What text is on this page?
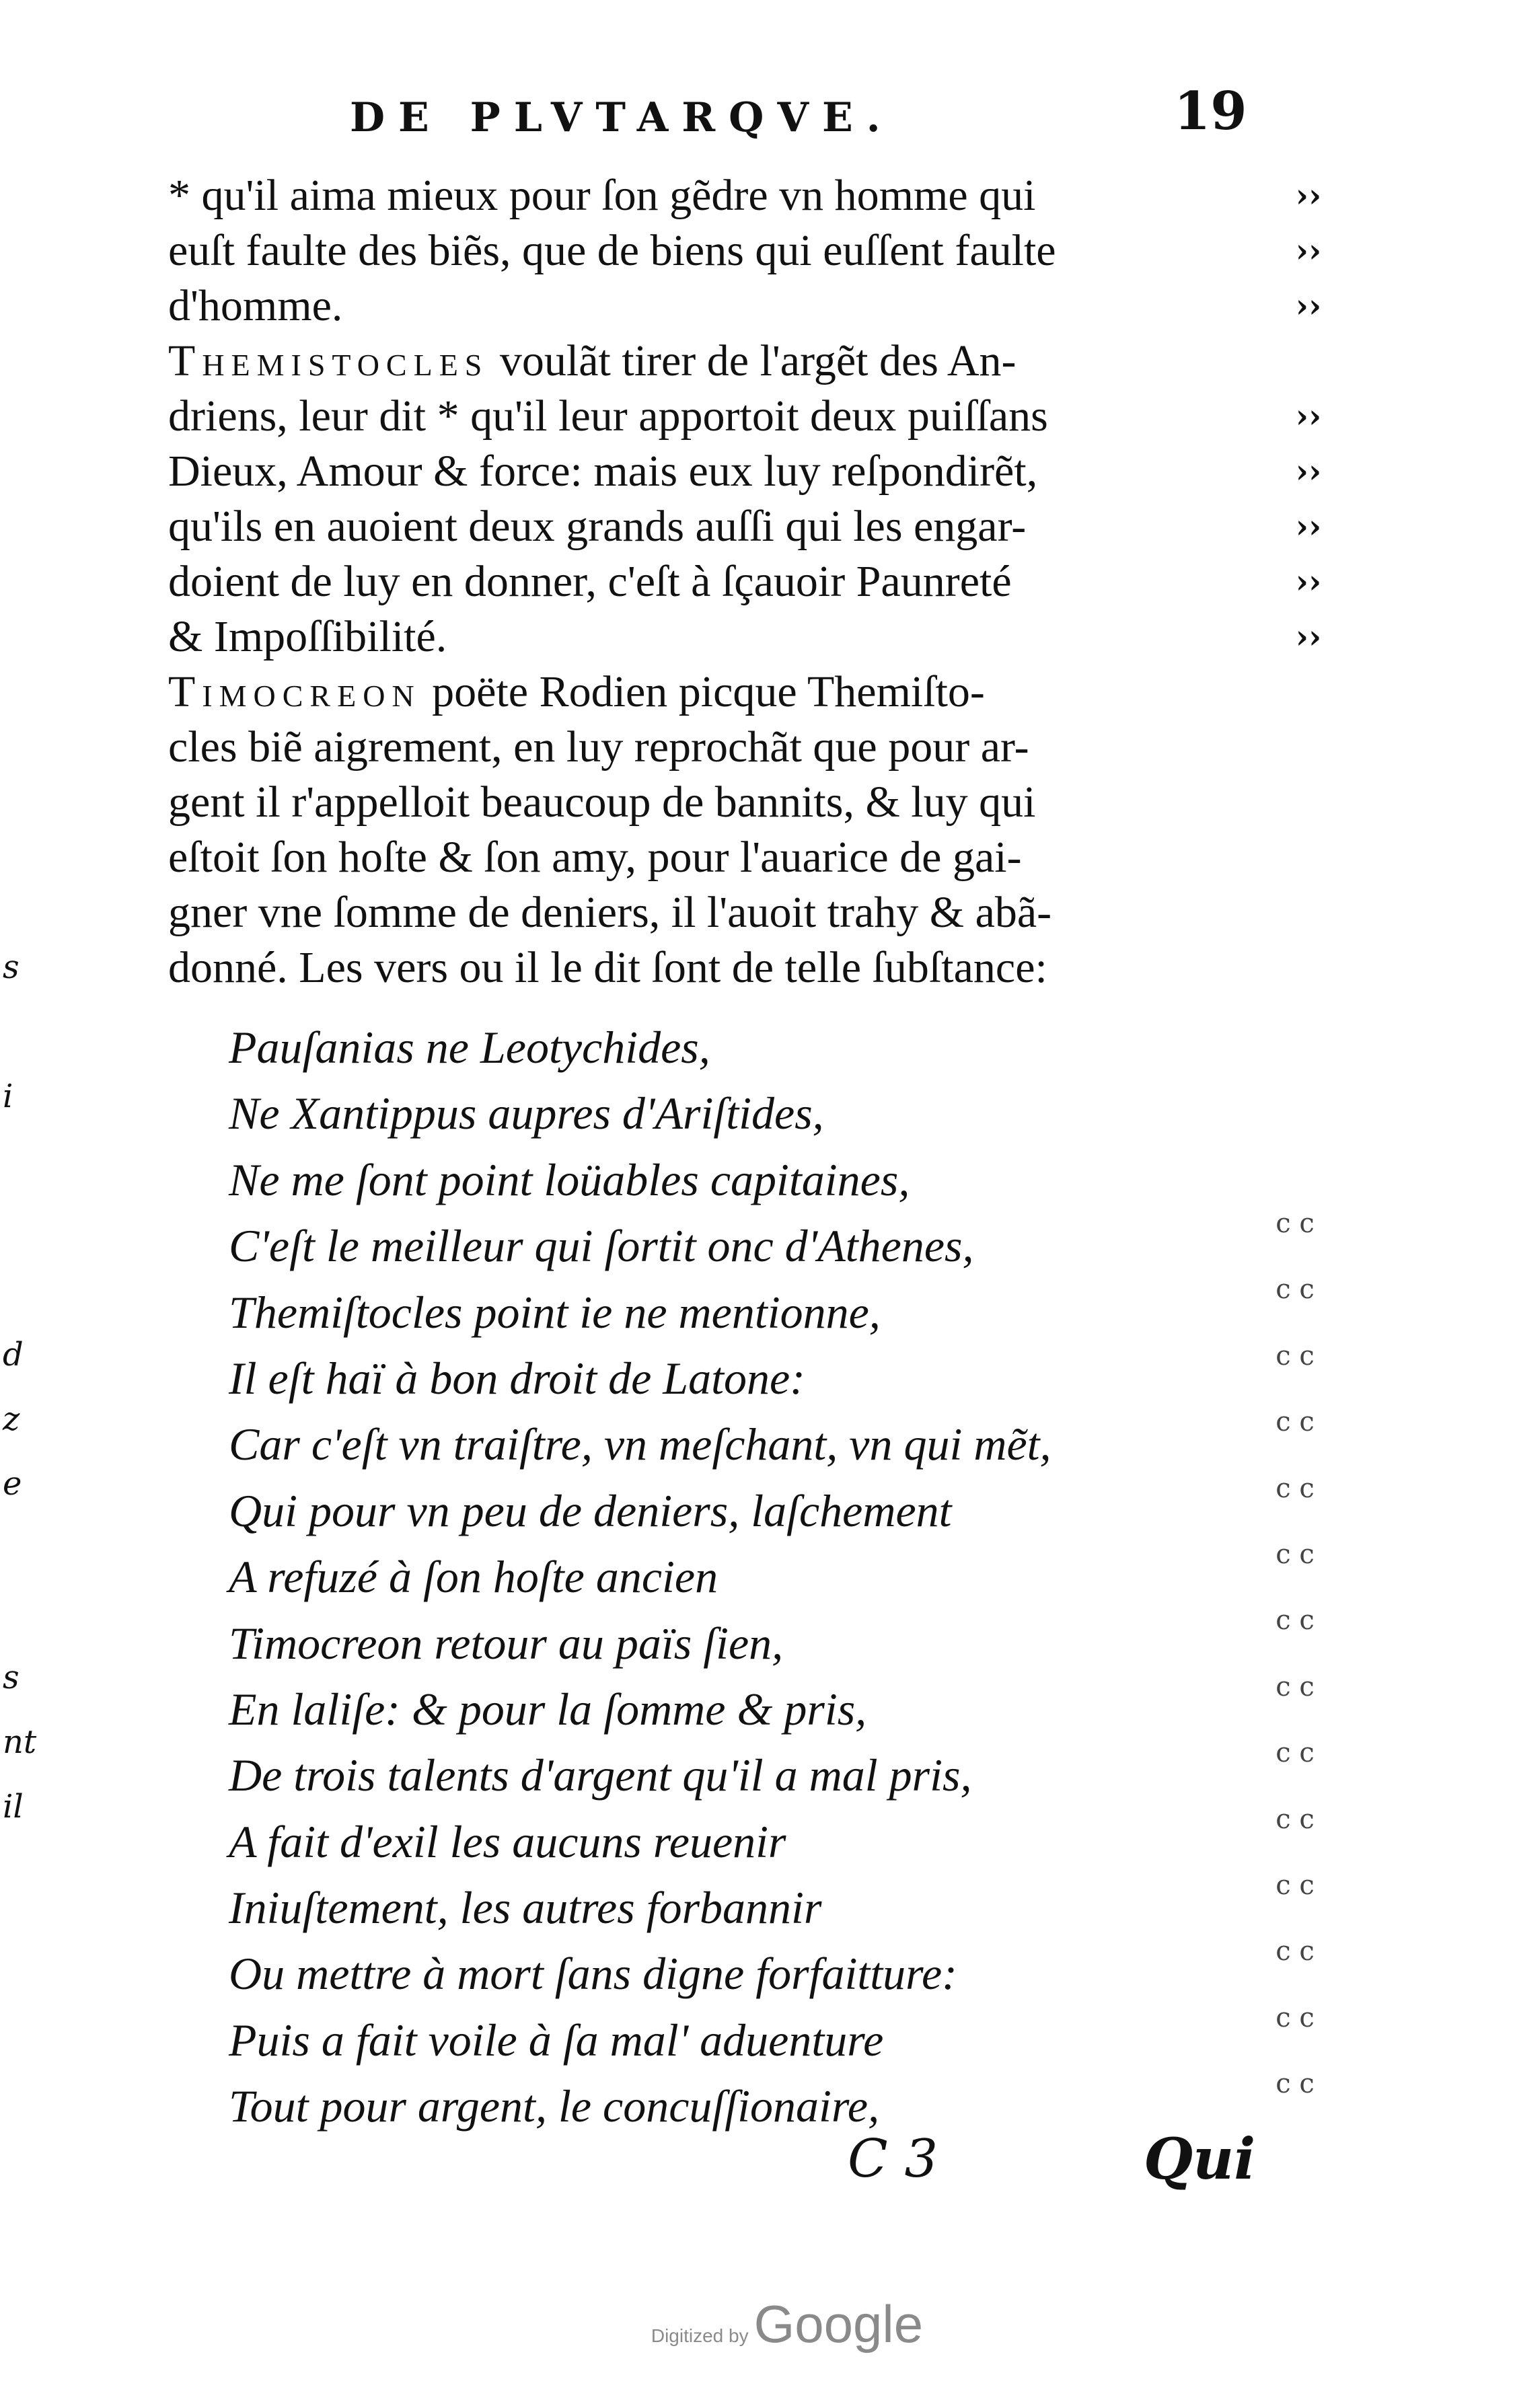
DE PLVTARQVE.	19
* qu'il aima mieux pour ſon gẽdre vn homme qui
euſt faulte des biẽs, que de biens qui euſſent faulte
d'homme.
Themistocles voulãt tirer de l'argẽt des An-
driens, leur dit * qu'il leur apportoit deux puiſſans
Dieux, Amour & force: mais eux luy reſpondirẽt,
qu'ils en auoient deux grands auſſi qui les engar-
doient de luy en donner, c'eſt à ſçauoir Paunreté
& Impoſſibilité.
Timocreon poëte Rodien picque Themiſto-
cles biẽ aigrement, en luy reprochãt que pour ar-
gent il r'appelloit beaucoup de bannits, & luy qui
eſtoit ſon hoſte & ſon amy, pour l'auarice de gai-
gner vne ſomme de deniers, il l'auoit trahy & abã-
donné. Les vers ou il le dit ſont de telle ſubſtance:
››
››
››
››
››
››
››
››
Pauſanias ne Leotychides,
Ne Xantippus aupres d'Ariſtides,
Ne me ſont point loüables capitaines,
C'eſt le meilleur qui ſortit onc d'Athenes,
Themiſtocles point ie ne mentionne,
Il eſt haï à bon droit de Latone:
Car c'eſt vn traiſtre, vn meſchant, vn qui mẽt,
Qui pour vn peu de deniers, laſchement
A refuzé à ſon hoſte ancien
Timocreon retour au païs ſien,
En laliſe: & pour la ſomme & pris,
De trois talents d'argent qu'il a mal pris,
A fait d'exil les aucuns reuenir
Iniuſtement, les autres forbannir
Ou mettre à mort ſans digne forfaitture:
Puis a fait voile à ſa mal' aduenture
Tout pour argent, le concuſſionaire,
c c
c c
c c
c c
c c
c c
c c
c c
c c
c c
c c
c c
c c
c c
s
i
d
z
e
s
nt
il
C 3	Qui
Digitized by Google
